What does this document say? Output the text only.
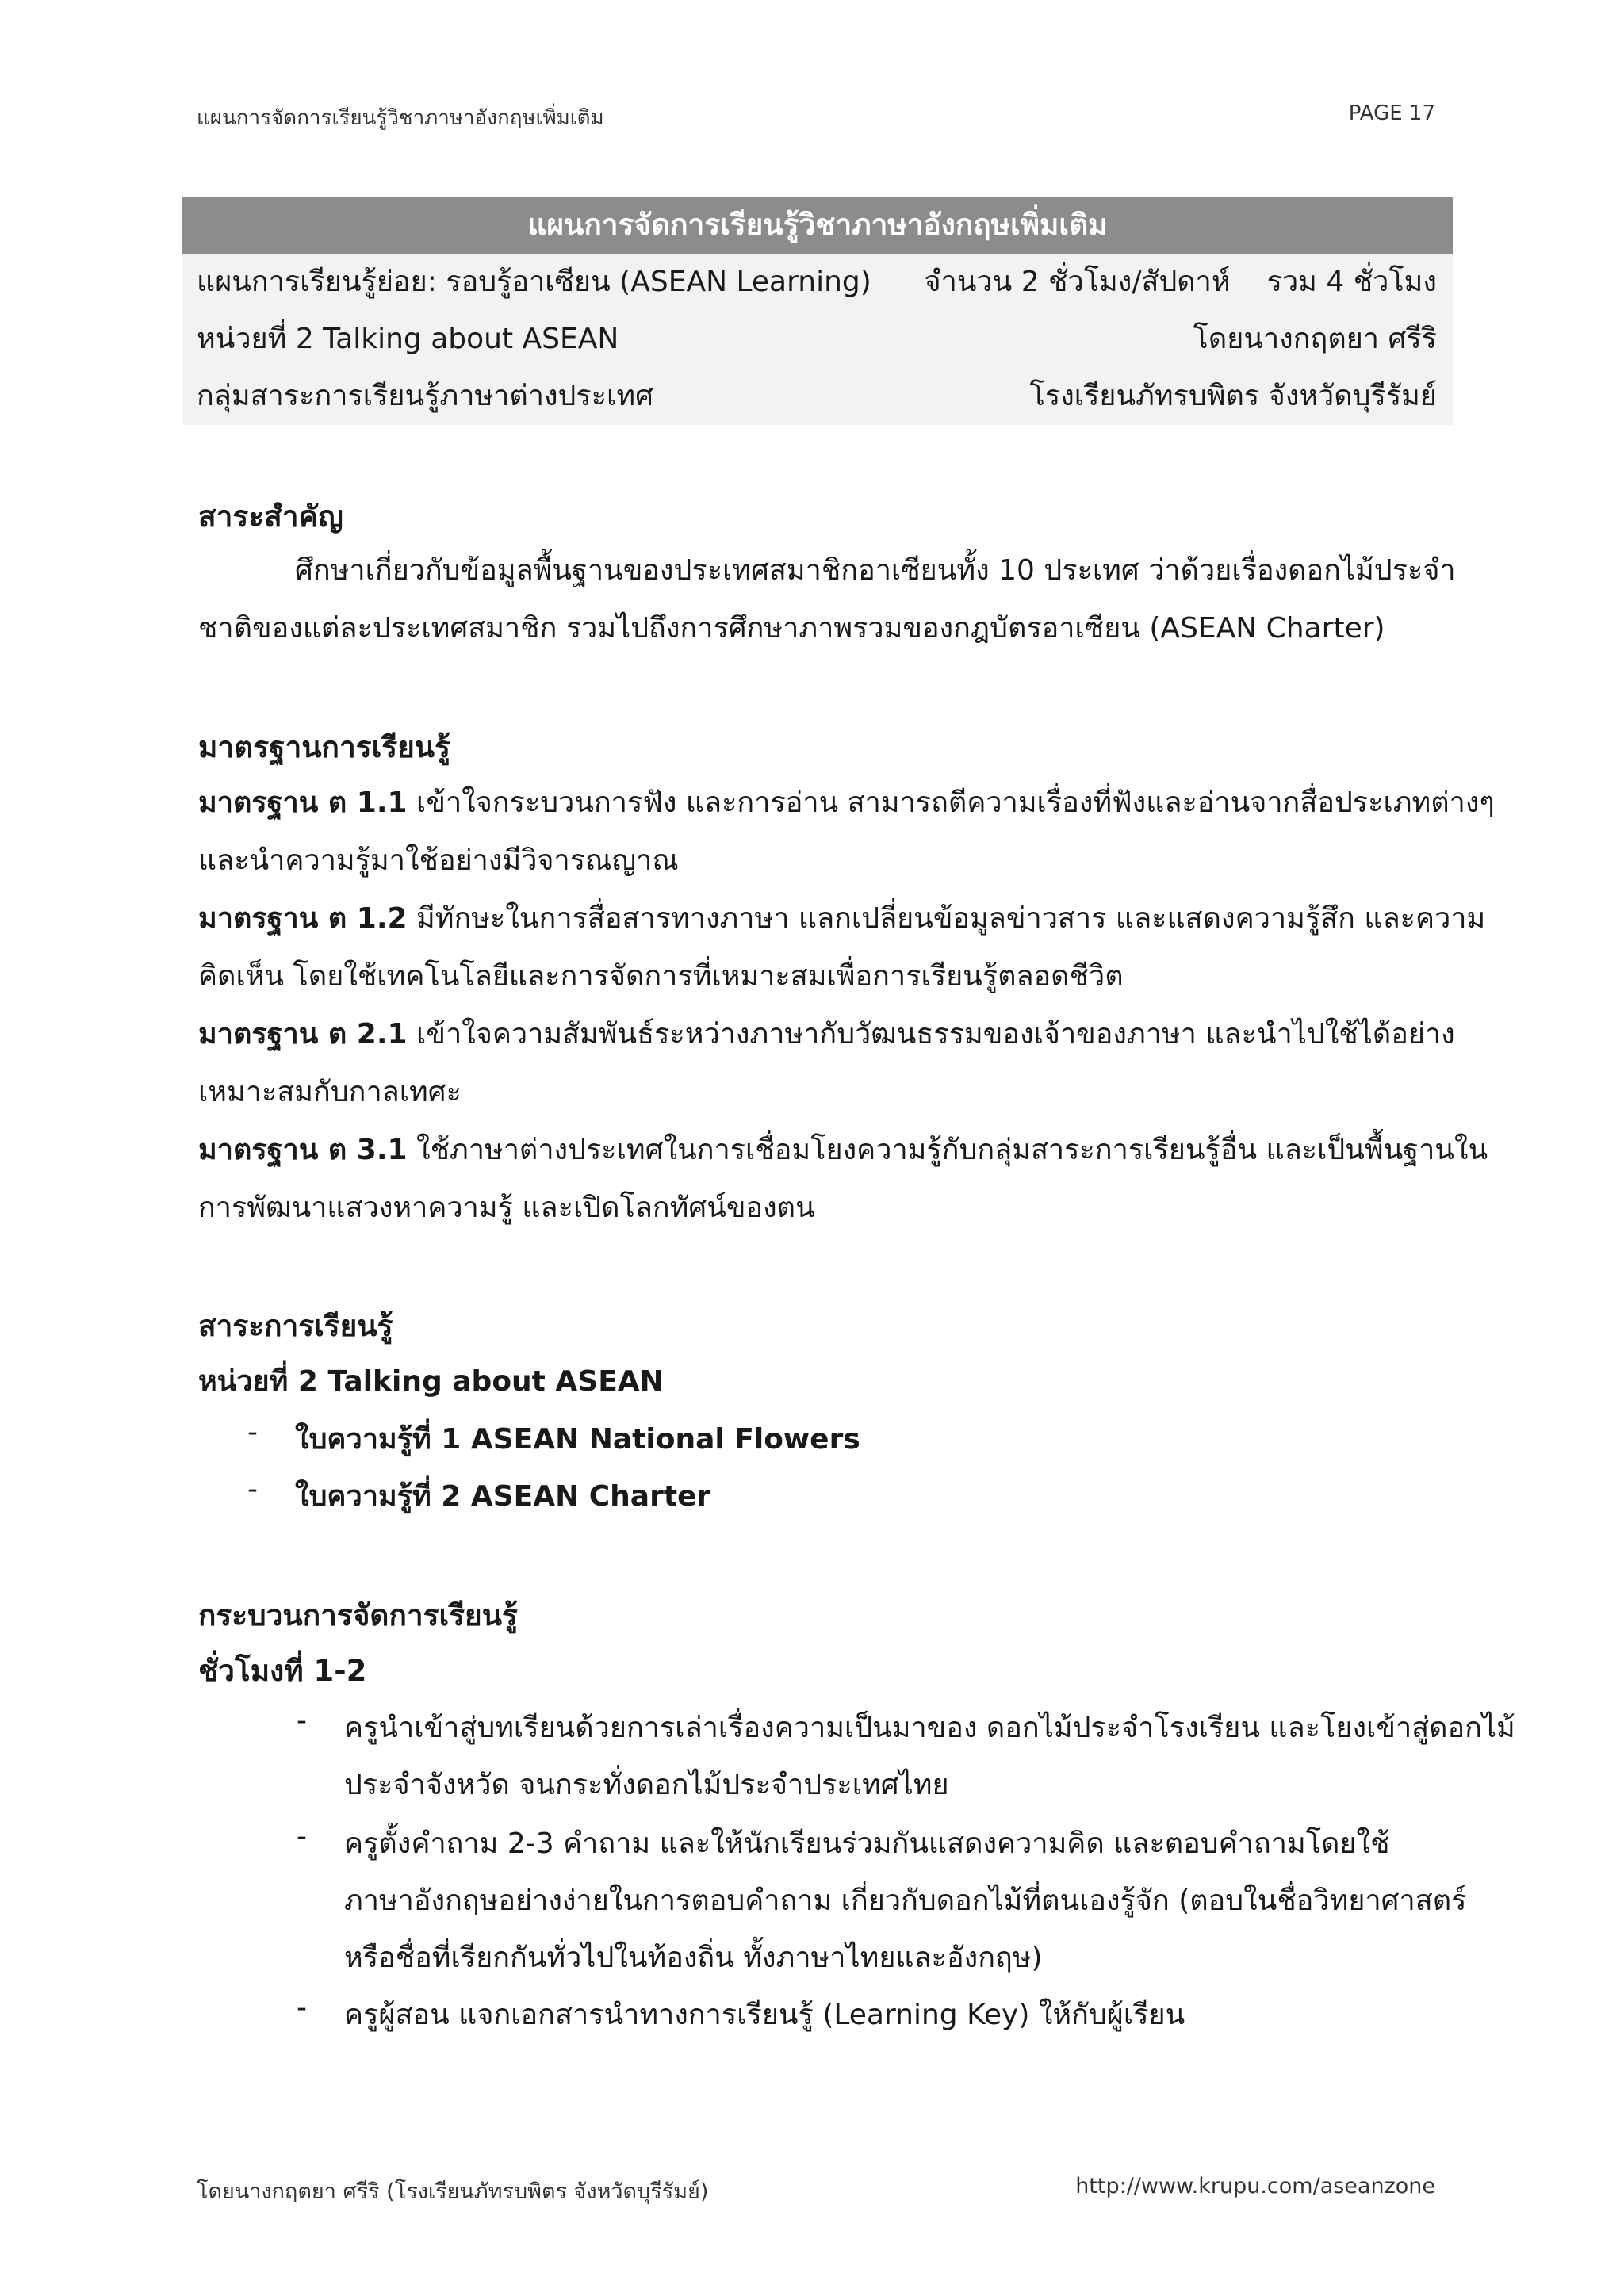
แผนการจัดการเรียนรู้วิชาภาษาอังกฤษเพิ่มเติม	PAGE 17
แผนการจัดการเรียนรู้วิชาภาษาอังกฤษเพิ่มเติม
แผนการเรียนรู้ย่อย: รอบรู้อาเซียน (ASEAN Learning) จำนวน 2 ชั่วโมง/สัปดาห์ รวม 4 ชั่วโมง
หน่วยที่ 2 Talking about ASEAN	โดยนางกฤตยา ศรีริ
กลุ่มสาระการเรียนรู้ภาษาต่างประเทศ	โรงเรียนภัทรบพิตร จังหวัดบุรีรัมย์
สาระสำคัญ
ศึกษาเกี่ยวกับข้อมูลพื้นฐานของประเทศสมาชิกอาเซียนทั้ง 10 ประเทศ ว่าด้วยเรื่องดอกไม้ประจำ
ชาติของแต่ละประเทศสมาชิก รวมไปถึงการศึกษาภาพรวมของกฎบัตรอาเซียน (ASEAN Charter)
มาตรฐานการเรียนรู้
มาตรฐาน ต 1.1 เข้าใจกระบวนการฟัง และการอ่าน สามารถตีความเรื่องที่ฟังและอ่านจากสื่อประเภทต่างๆ
และนำความรู้มาใช้อย่างมีวิจารณญาณ
มาตรฐาน ต 1.2 มีทักษะในการสื่อสารทางภาษา แลกเปลี่ยนข้อมูลข่าวสาร และแสดงความรู้สึก และความ
คิดเห็น โดยใช้เทคโนโลยีและการจัดการที่เหมาะสมเพื่อการเรียนรู้ตลอดชีวิต
มาตรฐาน ต 2.1 เข้าใจความสัมพันธ์ระหว่างภาษากับวัฒนธรรมของเจ้าของภาษา และนำไปใช้ได้อย่าง
เหมาะสมกับกาลเทศะ
มาตรฐาน ต 3.1 ใช้ภาษาต่างประเทศในการเชื่อมโยงความรู้กับกลุ่มสาระการเรียนรู้อื่น และเป็นพื้นฐานใน
การพัฒนาแสวงหาความรู้ และเปิดโลกทัศน์ของตน
สาระการเรียนรู้
หน่วยที่ 2 Talking about ASEAN
- ใบความรู้ที่ 1 ASEAN National Flowers
- ใบความรู้ที่ 2 ASEAN Charter
กระบวนการจัดการเรียนรู้
ชั่วโมงที่ 1-2
- ครูนำเข้าสู่บทเรียนด้วยการเล่าเรื่องความเป็นมาของ ดอกไม้ประจำโรงเรียน และโยงเข้าสู่ดอกไม้
ประจำจังหวัด จนกระทั่งดอกไม้ประจำประเทศไทย
- ครูตั้งคำถาม 2-3 คำถาม และให้นักเรียนร่วมกันแสดงความคิด และตอบคำถามโดยใช้
ภาษาอังกฤษอย่างง่ายในการตอบคำถาม เกี่ยวกับดอกไม้ที่ตนเองรู้จัก (ตอบในชื่อวิทยาศาสตร์
หรือชื่อที่เรียกกันทั่วไปในท้องถิ่น ทั้งภาษาไทยและอังกฤษ)
- ครูผู้สอน แจกเอกสารนำทางการเรียนรู้ (Learning Key) ให้กับผู้เรียน
โดยนางกฤตยา ศรีริ (โรงเรียนภัทรบพิตร จังหวัดบุรีรัมย์)	http://www.krupu.com/aseanzone
